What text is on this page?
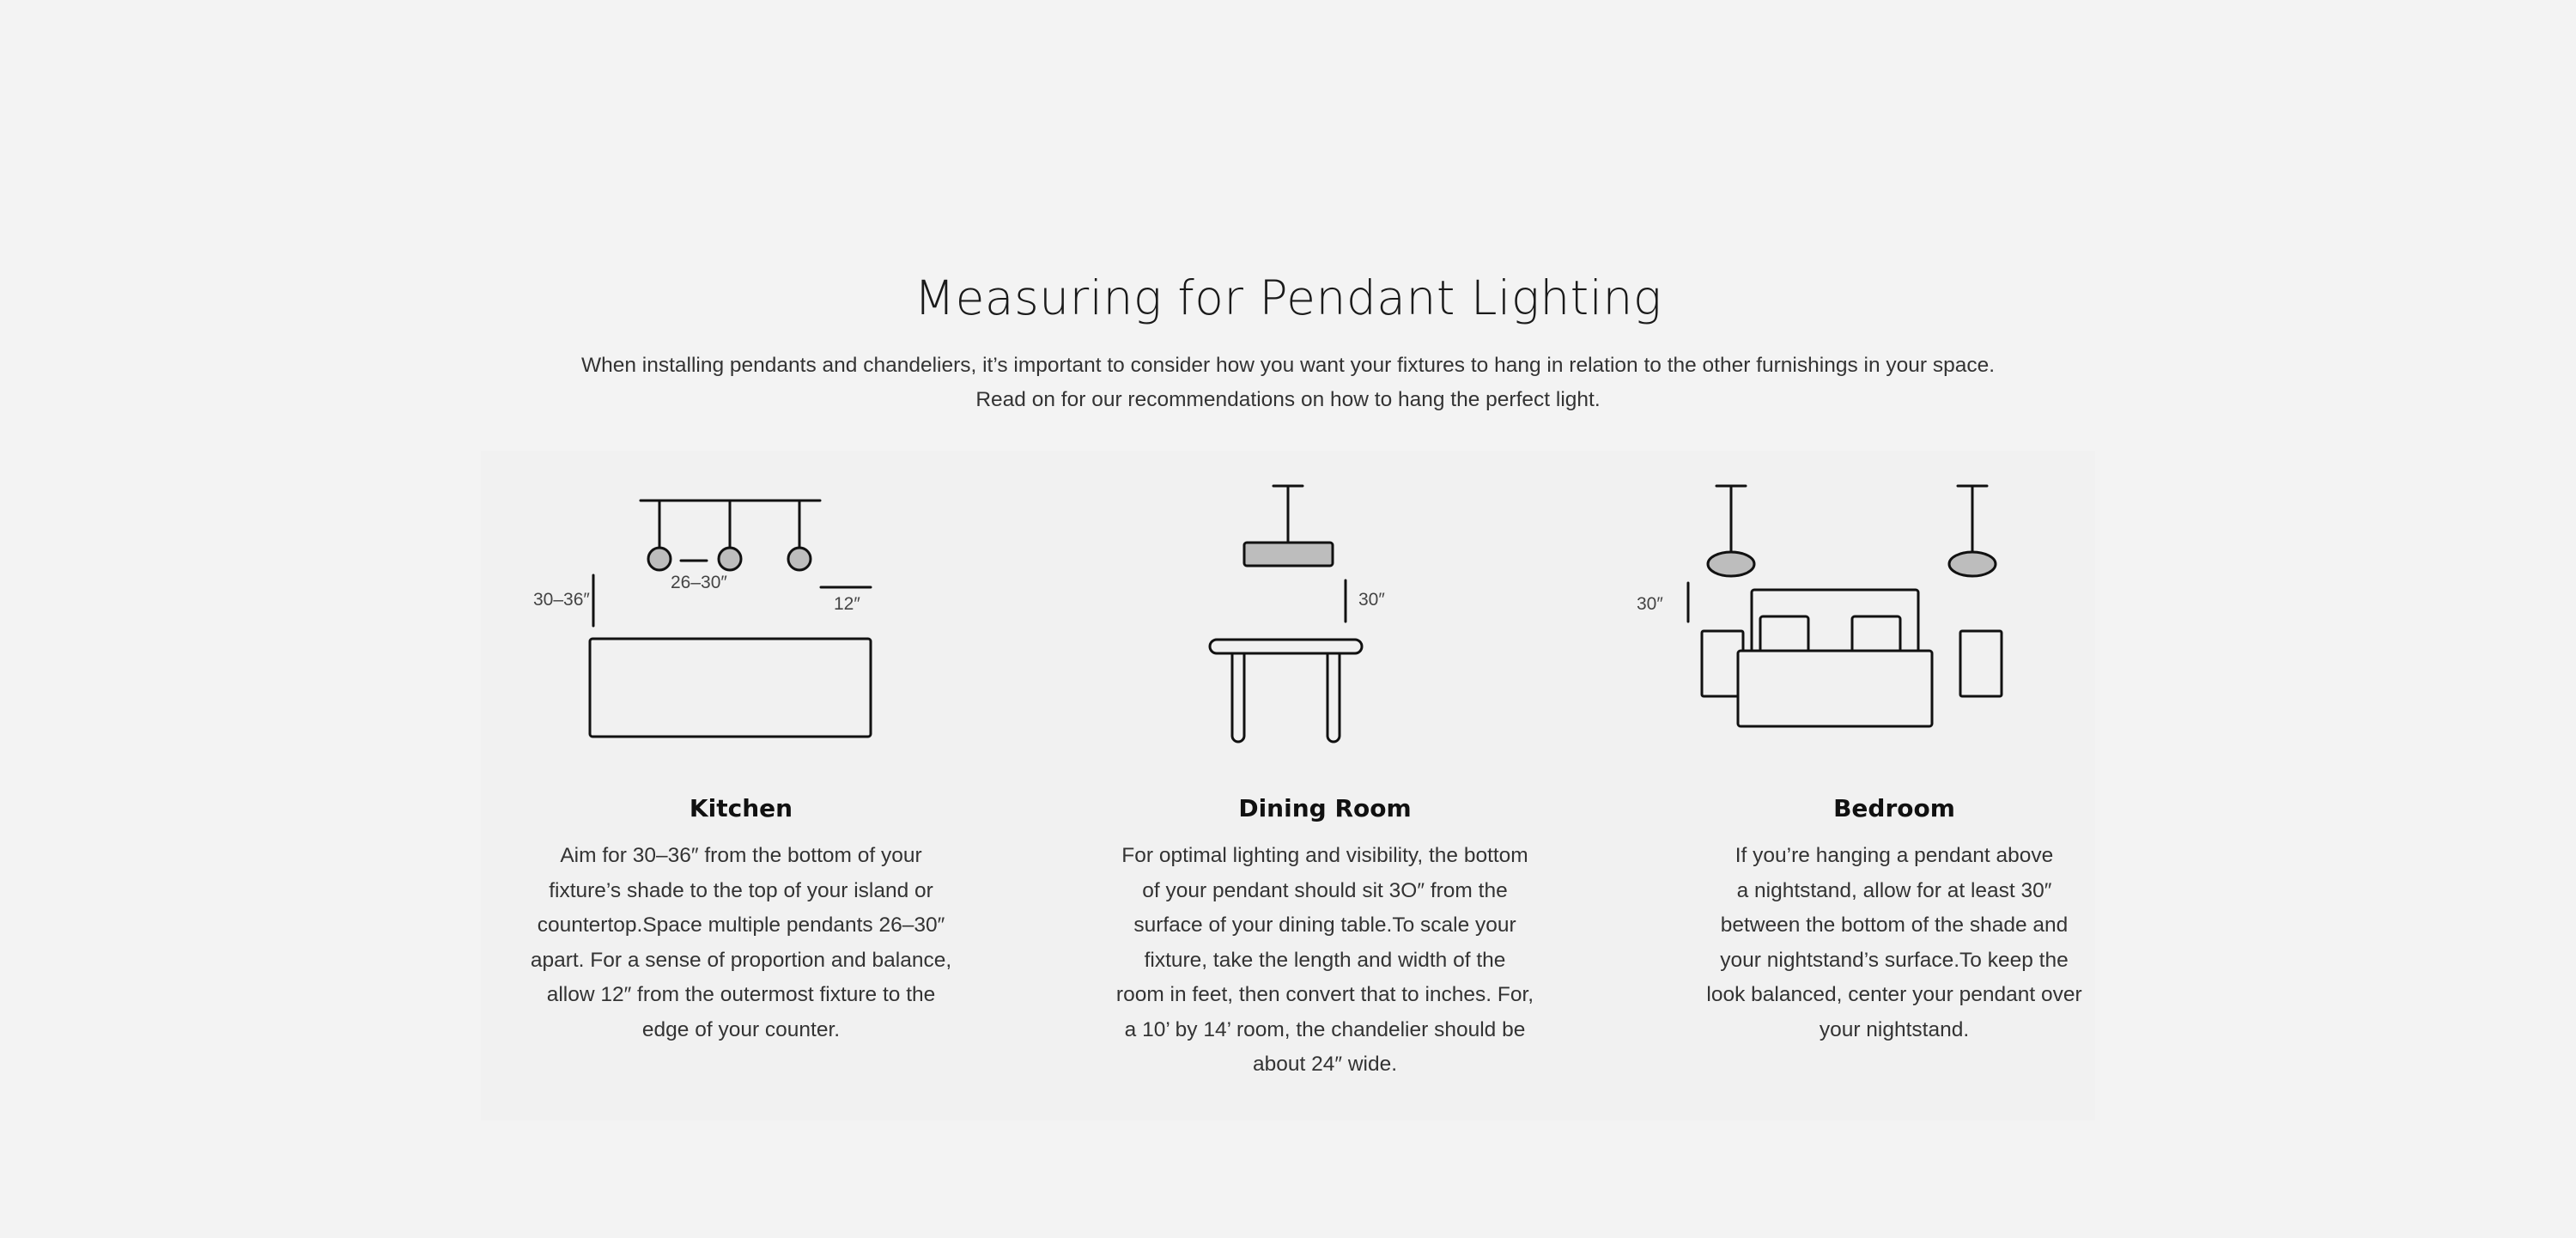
Measuring for Pendant Lighting

When installing pendants and chandeliers, it’s important to consider how you want your fixtures to hang in relation to the other furnishings in your space.
Read on for our recommendations on how to hang the perfect light.

30–36″
26–30″
12″
Kitchen

Aim for 30–36″ from the bottom of your
fixture’s shade to the top of your island or
countertop.Space multiple pendants 26–30″
apart. For a sense of proportion and balance,
allow 12″ from the outermost fixture to the
edge of your counter.

30″
Dining Room

For optimal lighting and visibility, the bottom
of your pendant should sit 3O″ from the
surface of your dining table.To scale your
fixture, take the length and width of the
room in feet, then convert that to inches. For,
a 10’ by 14’ room, the chandelier should be
about 24″ wide.

30″
Bedroom

If you’re hanging a pendant above
a nightstand, allow for at least 30″
between the bottom of the shade and
your nightstand’s surface.To keep the
look balanced, center your pendant over
your nightstand.
